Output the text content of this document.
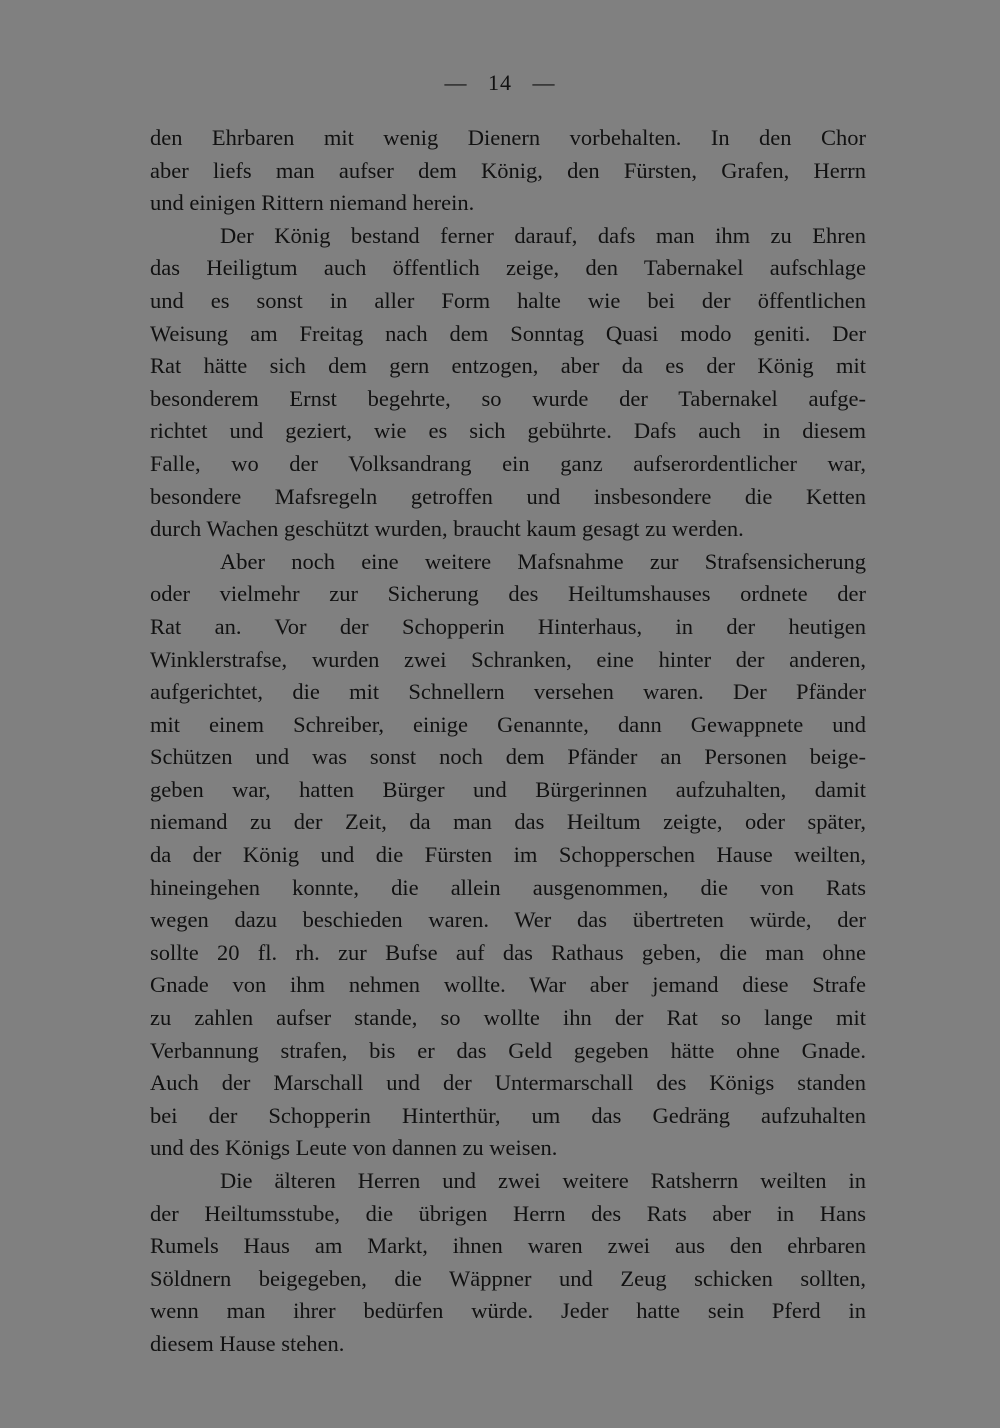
— 14 —
den Ehrbaren mit wenig Dienern vorbehalten. In den Chor
aber liefs man aufser dem König, den Fürsten, Grafen, Herrn
und einigen Rittern niemand herein.
Der König bestand ferner darauf, dafs man ihm zu Ehren
das Heiligtum auch öffentlich zeige, den Tabernakel aufschlage
und es sonst in aller Form halte wie bei der öffentlichen
Weisung am Freitag nach dem Sonntag Quasi modo geniti. Der
Rat hätte sich dem gern entzogen, aber da es der König mit
besonderem Ernst begehrte, so wurde der Tabernakel aufge-
richtet und geziert, wie es sich gebührte. Dafs auch in diesem
Falle, wo der Volksandrang ein ganz aufserordentlicher war,
besondere Mafsregeln getroffen und insbesondere die Ketten
durch Wachen geschützt wurden, braucht kaum gesagt zu werden.
Aber noch eine weitere Mafsnahme zur Strafsensicherung
oder vielmehr zur Sicherung des Heiltumshauses ordnete der
Rat an. Vor der Schopperin Hinterhaus, in der heutigen
Winklerstrafse, wurden zwei Schranken, eine hinter der anderen,
aufgerichtet, die mit Schnellern versehen waren. Der Pfänder
mit einem Schreiber, einige Genannte, dann Gewappnete und
Schützen und was sonst noch dem Pfänder an Personen beige-
geben war, hatten Bürger und Bürgerinnen aufzuhalten, damit
niemand zu der Zeit, da man das Heiltum zeigte, oder später,
da der König und die Fürsten im Schopperschen Hause weilten,
hineingehen konnte, die allein ausgenommen, die von Rats
wegen dazu beschieden waren. Wer das übertreten würde, der
sollte 20 fl. rh. zur Bufse auf das Rathaus geben, die man ohne
Gnade von ihm nehmen wollte. War aber jemand diese Strafe
zu zahlen aufser stande, so wollte ihn der Rat so lange mit
Verbannung strafen, bis er das Geld gegeben hätte ohne Gnade.
Auch der Marschall und der Untermarschall des Königs standen
bei der Schopperin Hinterthür, um das Gedräng aufzuhalten
und des Königs Leute von dannen zu weisen.
Die älteren Herren und zwei weitere Ratsherrn weilten in
der Heiltumsstube, die übrigen Herrn des Rats aber in Hans
Rumels Haus am Markt, ihnen waren zwei aus den ehrbaren
Söldnern beigegeben, die Wäppner und Zeug schicken sollten,
wenn man ihrer bedürfen würde. Jeder hatte sein Pferd in
diesem Hause stehen.
